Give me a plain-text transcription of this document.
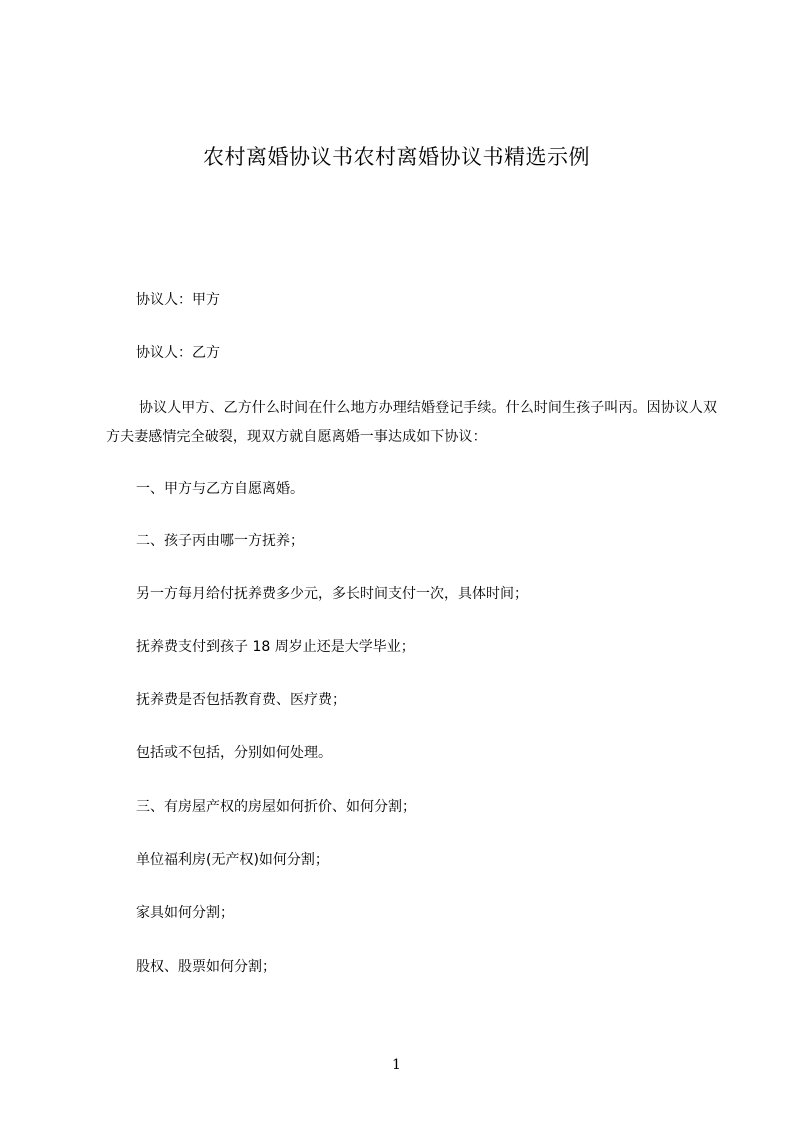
农村离婚协议书农村离婚协议书精选示例

协议人：甲方

协议人：乙方

协议人甲方、乙方什么时间在什么地方办理结婚登记手续。什么时间生孩子叫丙。因协议人双方夫妻感情完全破裂，现双方就自愿离婚一事达成如下协议：

一、甲方与乙方自愿离婚。

二、孩子丙由哪一方抚养；

另一方每月给付抚养费多少元，多长时间支付一次，具体时间；

抚养费支付到孩子 18 周岁止还是大学毕业；

抚养费是否包括教育费、医疗费；

包括或不包括，分别如何处理。

三、有房屋产权的房屋如何折价、如何分割；

单位福利房(无产权)如何分割；

家具如何分割；

股权、股票如何分割；

1
